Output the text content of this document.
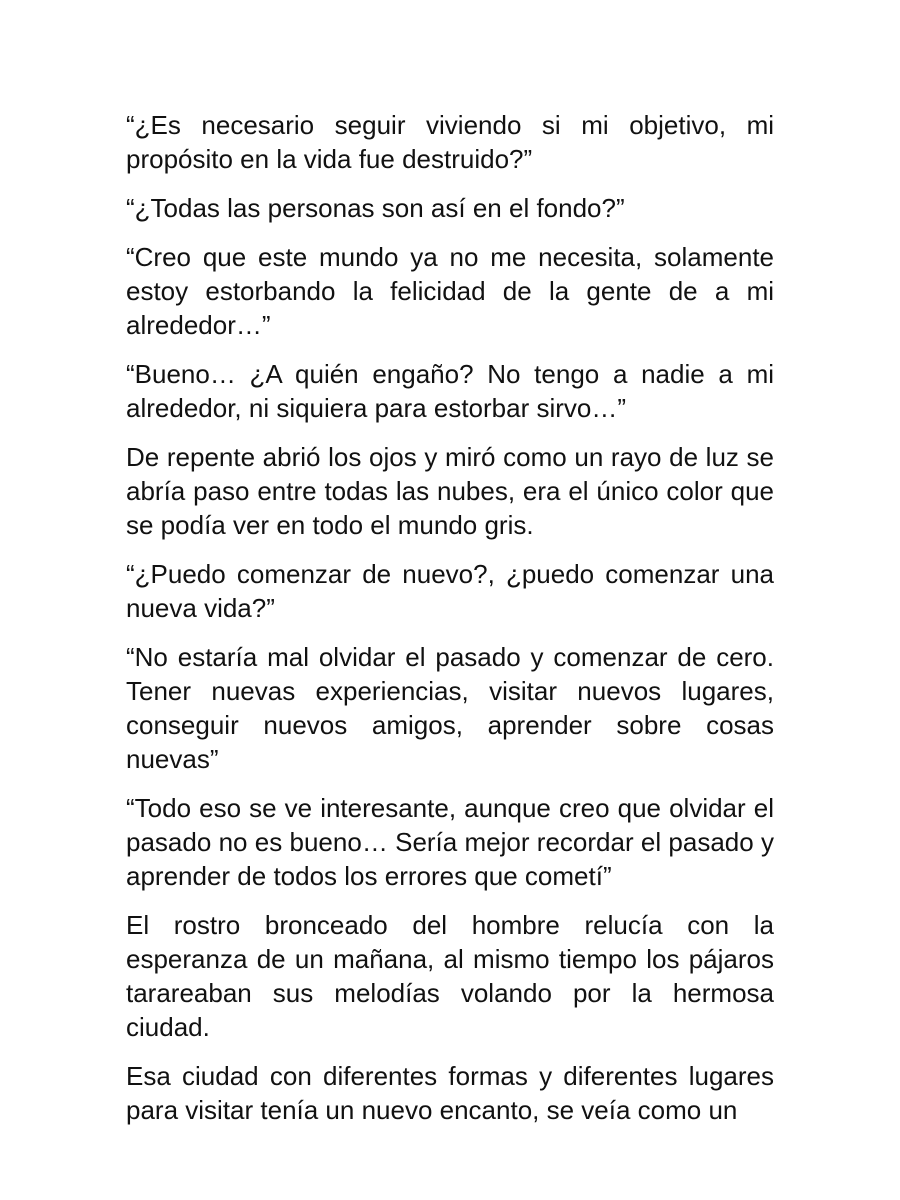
“¿Es necesario seguir viviendo si mi objetivo, mi propósito en la vida fue destruido?”

“¿Todas las personas son así en el fondo?”

“Creo que este mundo ya no me necesita, solamente estoy estorbando la felicidad de la gente de a mi alrededor…”

“Bueno… ¿A quién engaño? No tengo a nadie a mi alrededor, ni siquiera para estorbar sirvo…”

De repente abrió los ojos y miró como un rayo de luz se abría paso entre todas las nubes, era el único color que se podía ver en todo el mundo gris.

“¿Puedo comenzar de nuevo?, ¿puedo comenzar una nueva vida?”

“No estaría mal olvidar el pasado y comenzar de cero. Tener nuevas experiencias, visitar nuevos lugares, conseguir nuevos amigos, aprender sobre cosas nuevas”

“Todo eso se ve interesante, aunque creo que olvidar el pasado no es bueno… Sería mejor recordar el pasado y aprender de todos los errores que cometí”

El rostro bronceado del hombre relucía con la esperanza de un mañana, al mismo tiempo los pájaros tarareaban sus melodías volando por la hermosa ciudad.

Esa ciudad con diferentes formas y diferentes lugares para visitar tenía un nuevo encanto, se veía como un
